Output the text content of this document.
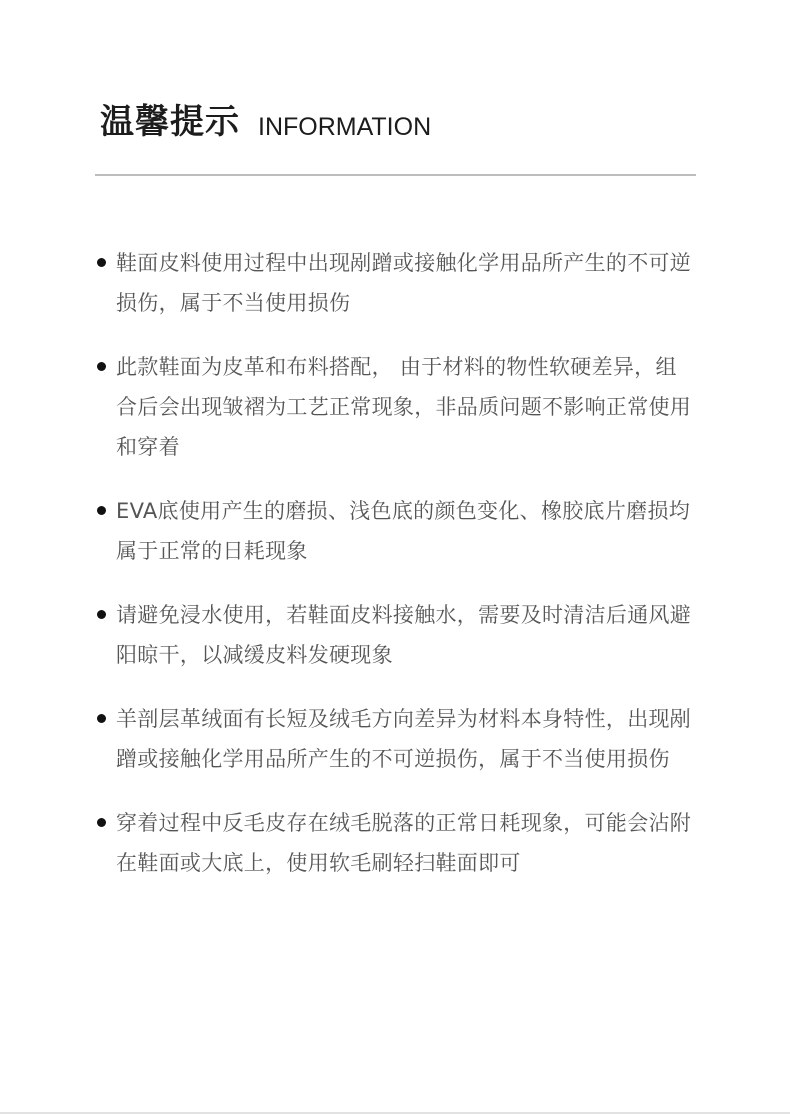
温馨提示 INFORMATION
鞋面皮料使用过程中出现剐蹭或接触化学用品所产生的不可逆损伤，属于不当使用损伤
此款鞋面为皮革和布料搭配， 由于材料的物性软硬差异，组合后会出现皱褶为工艺正常现象，非品质问题不影响正常使用和穿着
EVA底使用产生的磨损、浅色底的颜色变化、橡胶底片磨损均属于正常的日耗现象
请避免浸水使用，若鞋面皮料接触水，需要及时清洁后通风避阳晾干，以减缓皮料发硬现象
羊剖层革绒面有长短及绒毛方向差异为材料本身特性，出现剐蹭或接触化学用品所产生的不可逆损伤，属于不当使用损伤
穿着过程中反毛皮存在绒毛脱落的正常日耗现象，可能会沾附在鞋面或大底上，使用软毛刷轻扫鞋面即可
